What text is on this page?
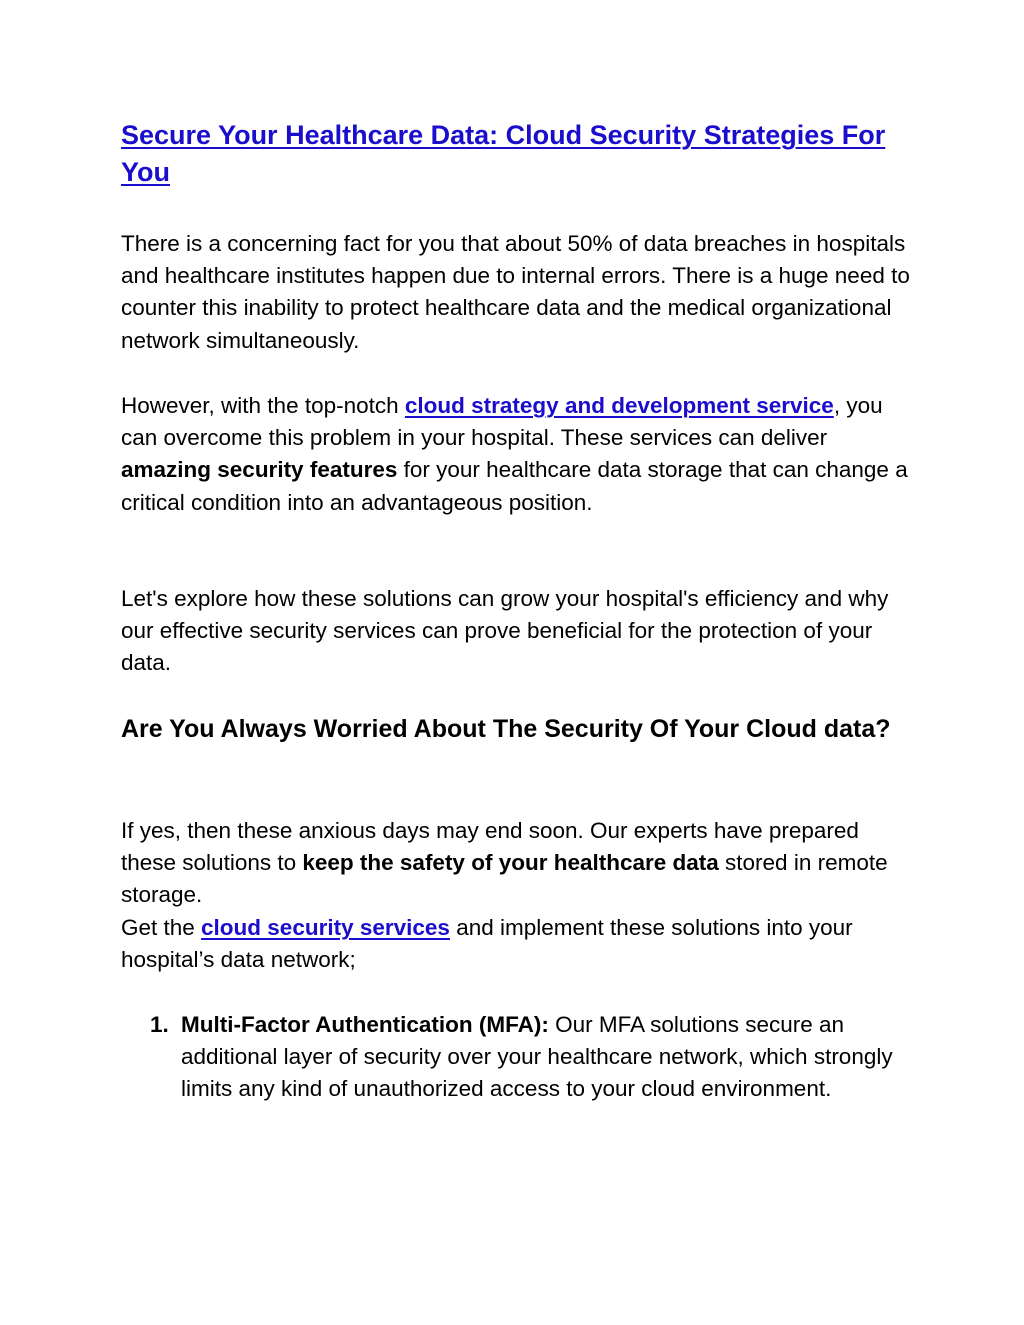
Secure Your Healthcare Data: Cloud Security Strategies For You

There is a concerning fact for you that about 50% of data breaches in hospitals and healthcare institutes happen due to internal errors. There is a huge need to counter this inability to protect healthcare data and the medical organizational network simultaneously.

However, with the top-notch cloud strategy and development service, you can overcome this problem in your hospital. These services can deliver amazing security features for your healthcare data storage that can change a critical condition into an advantageous position.

Let's explore how these solutions can grow your hospital's efficiency and why our effective security services can prove beneficial for the protection of your data.

Are You Always Worried About The Security Of Your Cloud data?

If yes, then these anxious days may end soon. Our experts have prepared these solutions to keep the safety of your healthcare data stored in remote storage.

Get the cloud security services and implement these solutions into your hospital’s data network;

1. Multi-Factor Authentication (MFA): Our MFA solutions secure an additional layer of security over your healthcare network, which strongly limits any kind of unauthorized access to your cloud environment.
